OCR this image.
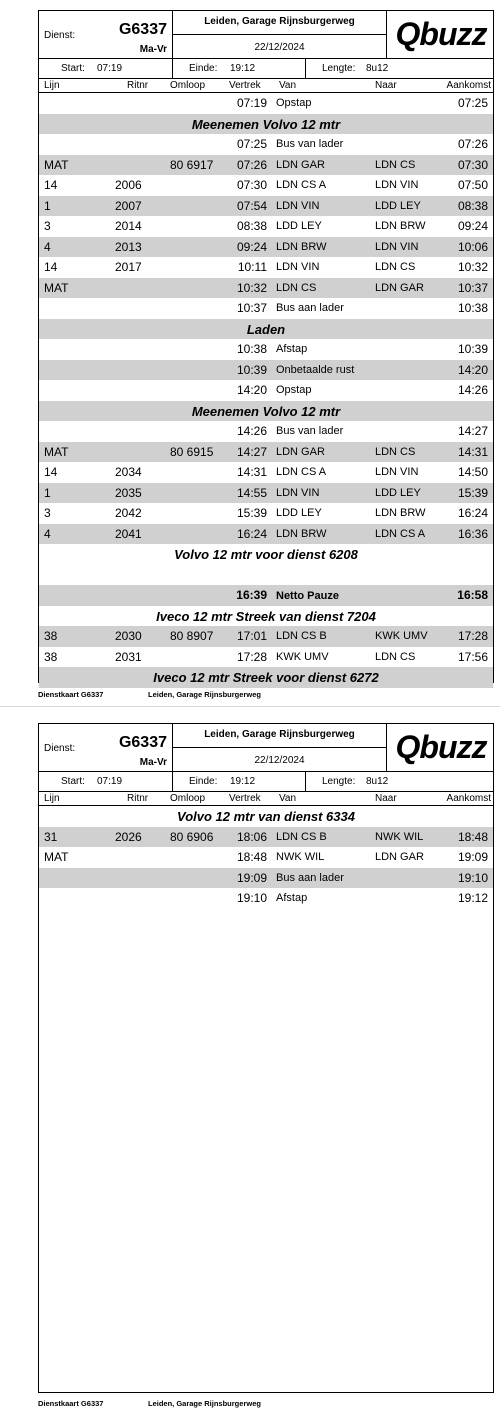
Dienst:	G6337
Ma-Vr
Leiden, Garage Rijnsburgerweg
22/12/2024	Qbuzz
Start: 07:19	Einde: 19:12	Lengte: 8u12
Lijn	Ritnr Omloop Vertrek Van	Naar	Aankomst
07:19 Opstap	07:25
Meenemen Volvo 12 mtr
07:25 Bus van lader	07:26
MAT	80 6917	07:26 LDN GAR	LDN CS	07:30
14	2006	07:30 LDN CS A	LDN VIN	07:50
1	2007	07:54 LDN VIN	LDD LEY	08:38
3	2014	08:38 LDD LEY	LDN BRW	09:24
4	2013	09:24 LDN BRW	LDN VIN	10:06
14	2017	10:11 LDN VIN	LDN CS	10:32
MAT	10:32 LDN CS	LDN GAR	10:37
10:37 Bus aan lader	10:38
Laden
10:38 Afstap	10:39
10:39 Onbetaalde rust	14:20
14:20 Opstap	14:26
Meenemen Volvo 12 mtr
14:26 Bus van lader	14:27
MAT	80 6915	14:27 LDN GAR	LDN CS	14:31
14	2034	14:31 LDN CS A	LDN VIN	14:50
1	2035	14:55 LDN VIN	LDD LEY	15:39
3	2042	15:39 LDD LEY	LDN BRW	16:24
4	2041	16:24 LDN BRW	LDN CS A	16:36
Volvo 12 mtr voor dienst 6208
16:39 Netto Pauze	16:58
Iveco 12 mtr Streek van dienst 7204
38	2030 80 8907	17:01 LDN CS B	KWK UMV	17:28
38	2031	17:28 KWK UMV	LDN CS	17:56
Iveco 12 mtr Streek voor dienst 6272
Dienstkaart G6337	Leiden, Garage Rijnsburgerweg
Dienst:	G6337
Ma-Vr
Leiden, Garage Rijnsburgerweg
22/12/2024	Qbuzz
Start: 07:19	Einde: 19:12	Lengte: 8u12
Lijn	Ritnr Omloop Vertrek Van	Naar	Aankomst
Volvo 12 mtr van dienst 6334
31	2026 80 6906	18:06 LDN CS B	NWK WIL	18:48
MAT	18:48 NWK WIL	LDN GAR	19:09
19:09 Bus aan lader	19:10
19:10 Afstap	19:12
Dienstkaart G6337	Leiden, Garage Rijnsburgerweg
